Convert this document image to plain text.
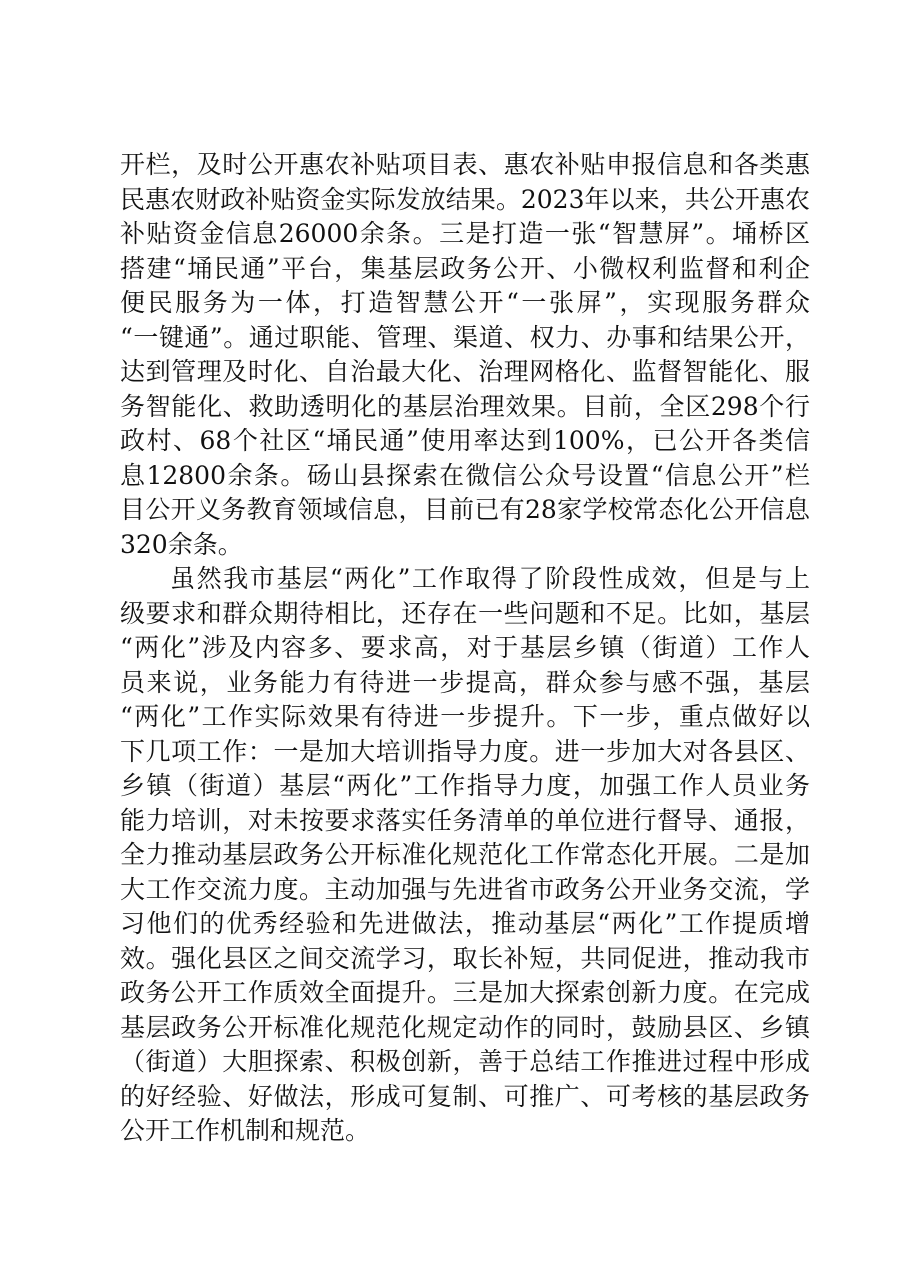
开栏，及时公开惠农补贴项目表、惠农补贴申报信息和各类惠
民惠农财政补贴资金实际发放结果。2023年以来，共公开惠农
补贴资金信息26000余条。三是打造一张“智慧屏”。埇桥区
搭建“埇民通”平台，集基层政务公开、小微权利监督和利企
便民服务为一体，打造智慧公开“一张屏”，实现服务群众
“一键通”。通过职能、管理、渠道、权力、办事和结果公开，
达到管理及时化、自治最大化、治理网格化、监督智能化、服
务智能化、救助透明化的基层治理效果。目前，全区298个行
政村、68个社区“埇民通”使用率达到100%，已公开各类信
息12800余条。砀山县探索在微信公众号设置“信息公开”栏
目公开义务教育领域信息，目前已有28家学校常态化公开信息
320余条。
虽然我市基层“两化”工作取得了阶段性成效，但是与上
级要求和群众期待相比，还存在一些问题和不足。比如，基层
“两化”涉及内容多、要求高，对于基层乡镇（街道）工作人
员来说，业务能力有待进一步提高，群众参与感不强，基层
“两化”工作实际效果有待进一步提升。下一步，重点做好以
下几项工作：一是加大培训指导力度。进一步加大对各县区、
乡镇（街道）基层“两化”工作指导力度，加强工作人员业务
能力培训，对未按要求落实任务清单的单位进行督导、通报，
全力推动基层政务公开标准化规范化工作常态化开展。二是加
大工作交流力度。主动加强与先进省市政务公开业务交流，学
习他们的优秀经验和先进做法，推动基层“两化”工作提质增
效。强化县区之间交流学习，取长补短，共同促进，推动我市
政务公开工作质效全面提升。三是加大探索创新力度。在完成
基层政务公开标准化规范化规定动作的同时，鼓励县区、乡镇
（街道）大胆探索、积极创新，善于总结工作推进过程中形成
的好经验、好做法，形成可复制、可推广、可考核的基层政务
公开工作机制和规范。
